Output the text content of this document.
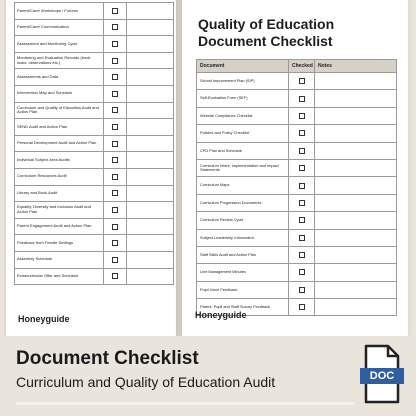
Parent/Carer Workshops / Forums		
Parent/Carer Communication		
Assessment and Monitoring Cycle		
Monitoring and Evaluation Records (book looks, observations etc.)		
Assessments and Data		
Intervention Map and Schedule		
Curriculum and Quality of Education Audit and Action Plan		
SEND Audit and Action Plan		
Personal Development Audit and Action Plan		
Individual Subject Area Audits		
Curriculum Resources Audit		
Library and Book Audit		
Equality, Diversity and Inclusion Audit and Action Plan		
Parent Engagement Audit and Action Plan		
Feedback from Feeder Settings		
Assembly Schedule		
Extracurricular Offer and Schedule		
Honeyguide
Quality of Education
Document Checklist
Document	Checked	Notes
School Improvement Plan (SIP)		
Self-Evaluation Form (SEF)		
Website Compliance Checklist		
Policies and Policy Checklist		
CPD Plan and Schedule		
Curriculum Intent, Implementation and Impact Statements		
Curriculum Maps		
Curriculum Progression Documents		
Curriculum Review Cycle		
Subject Leadership Information		
Staff Skills Audit and Action Plan		
Line Management Minutes		
Pupil Voice Feedback		
Parent, Pupil and Staff Survey Feedback		
Honeyguide
Document Checklist

Curriculum and Quality of Education Audit	DOC
